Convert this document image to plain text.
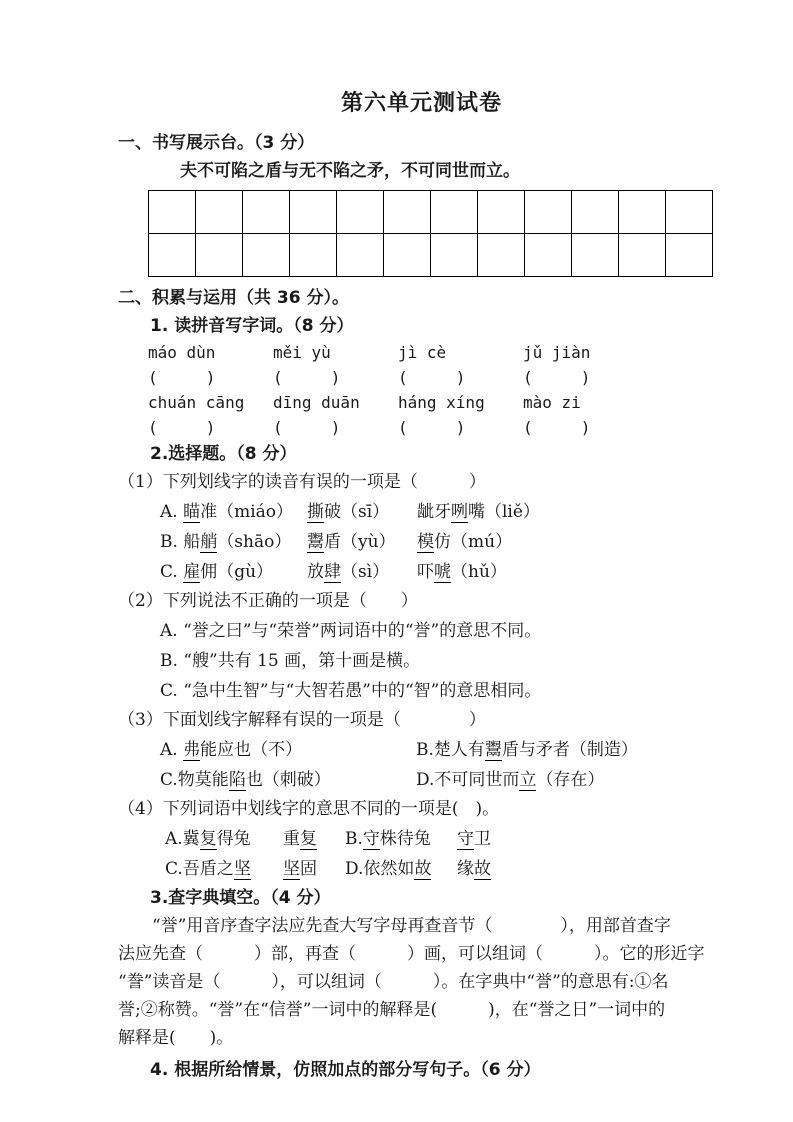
第六单元测试卷
一、书写展示台。（3 分）
夫不可陷之盾与无不陷之矛，不可同世而立。

二、积累与运用（共 36 分）。
1. 读拼音写字词。（8 分）
máo dùn	měi yù	jì cè	jǔ jiàn
(     )	(     )	(     )	(     )
chuán cāng	dīng duān	háng xíng	mào zi
(     )	(     )	(     )	(     )
2.选择题。（8 分）
（1）下列划线字的读音有误的一项是（　　　）
A. 瞄准（miáo） 撕破（sī）	龇牙咧嘴（liě）
B. 船艄（shāo） 鬻盾（yù）	模仿（mú）
C. 雇佣（gù）	放肆（sì）	吓唬（hǔ）
（2）下列说法不正确的一项是（　　）
A. “誉之曰”与“荣誉”两词语中的“誉”的意思不同。
B. “艘”共有 15 画，第十画是横。
C. “急中生智”与“大智若愚”中的“智”的意思相同。
（3）下面划线字解释有误的一项是（　　　　）
A. 弗能应也（不）	B.楚人有鬻盾与矛者（制造）
C.物莫能陷也（刺破）	D.不可同世而立（存在）
（4）下列词语中划线字的意思不同的一项是(　)。
A.冀复得兔	重复	B.守株待兔	守卫
C.吾盾之坚	坚固	D.依然如故	缘故
3.查字典填空。（4 分）
　　“誉”用音序查字法应先查大写字母再查音节（　　　　），用部首查字
法应先查（　　　）部，再查（　　　）画，可以组词（　　　）。它的形近字
“誊”读音是（　　　），可以组词（　　　）。在字典中“誉”的意思有:①名
誉;②称赞。“誉”在“信誉”一词中的解释是(　　　)，在“誉之日”一词中的
解释是(　　)。
4. 根据所给情景，仿照加点的部分写句子。（6 分）
